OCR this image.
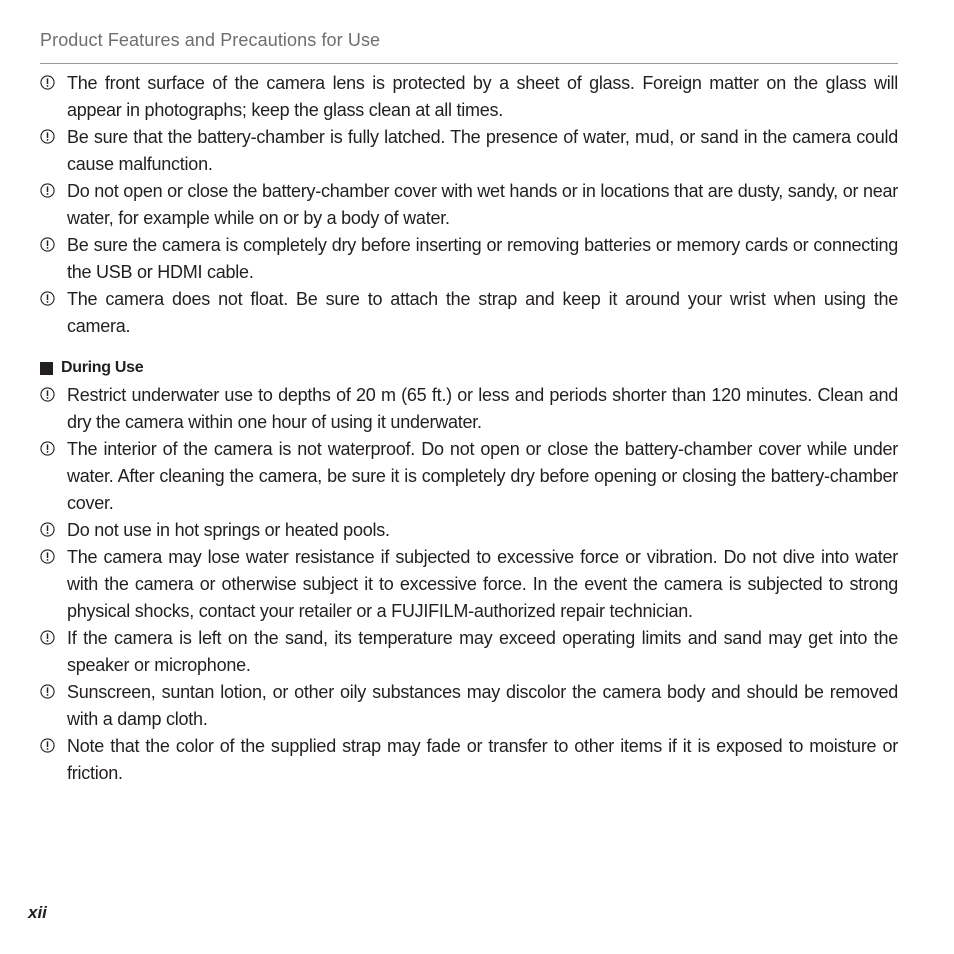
Product Features and Precautions for Use
The front surface of the camera lens is protected by a sheet of glass. Foreign matter on the glass will appear in photographs; keep the glass clean at all times.
Be sure that the battery-chamber is fully latched. The presence of water, mud, or sand in the camera could cause malfunction.
Do not open or close the battery-chamber cover with wet hands or in locations that are dusty, sandy, or near water, for example while on or by a body of water.
Be sure the camera is completely dry before inserting or removing batteries or memory cards or connecting the USB or HDMI cable.
The camera does not float. Be sure to attach the strap and keep it around your wrist when using the camera.
During Use
Restrict underwater use to depths of 20 m (65 ft.) or less and periods shorter than 120 minutes. Clean and dry the camera within one hour of using it underwater.
The interior of the camera is not waterproof. Do not open or close the battery-chamber cover while under water. After cleaning the camera, be sure it is completely dry before opening or closing the battery-chamber cover.
Do not use in hot springs or heated pools.
The camera may lose water resistance if subjected to excessive force or vibration. Do not dive into water with the camera or otherwise subject it to excessive force. In the event the camera is subjected to strong physical shocks, contact your retailer or a FUJIFILM-authorized repair technician.
If the camera is left on the sand, its temperature may exceed operating limits and sand may get into the speaker or microphone.
Sunscreen, suntan lotion, or other oily substances may discolor the camera body and should be removed with a damp cloth.
Note that the color of the supplied strap may fade or transfer to other items if it is exposed to moisture or friction.
xii
